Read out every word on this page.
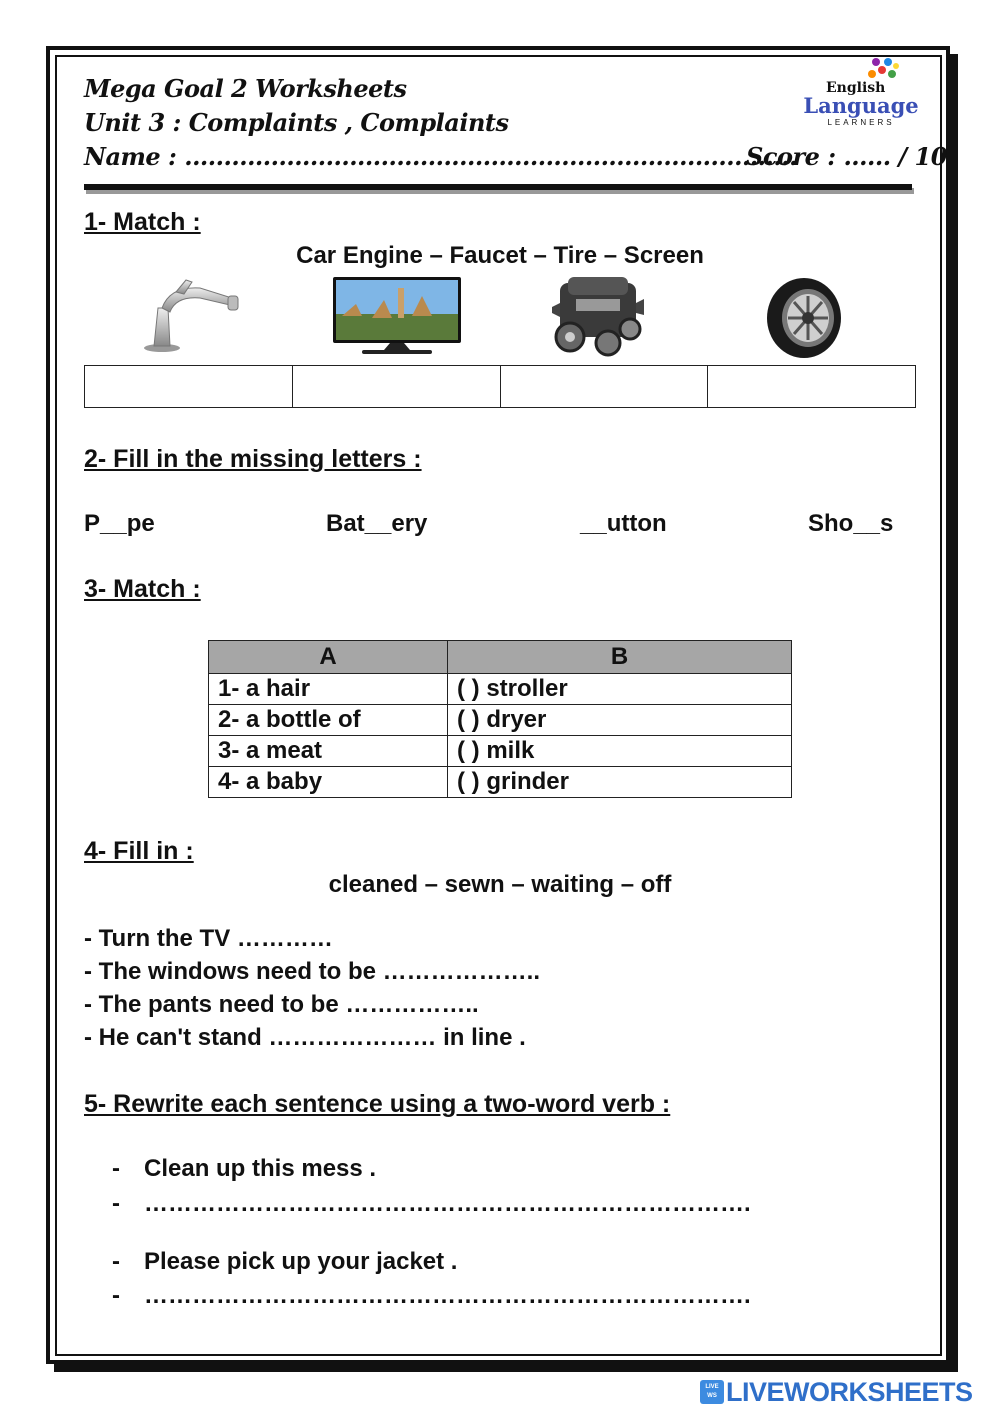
Mega Goal 2 Worksheets
Unit 3 : Complaints , Complaints
Name : ..............................................................................
Score : ...... / 10
English
Language
LEARNERS
1- Match :
Car Engine – Faucet – Tire – Screen
2- Fill in the missing letters :
P__pe	Bat__ery	__utton	Sho__s
3- Match :
A	B
1- a hair	( ) stroller
2- a bottle of	( ) dryer
3- a meat	( ) milk
4- a baby	( ) grinder
4- Fill in :
cleaned – sewn – waiting – off
- Turn the TV …………
- The windows need to be ………………..
- The pants need to be ……………..
- He can't stand ………………… in line .
5- Rewrite each sentence using a two-word verb :
- Clean up this mess .
- ………………………………………………………………….
- Please pick up your jacket .
- ………………………………………………………………….
LIVE
WS LIVEWORKSHEETS
